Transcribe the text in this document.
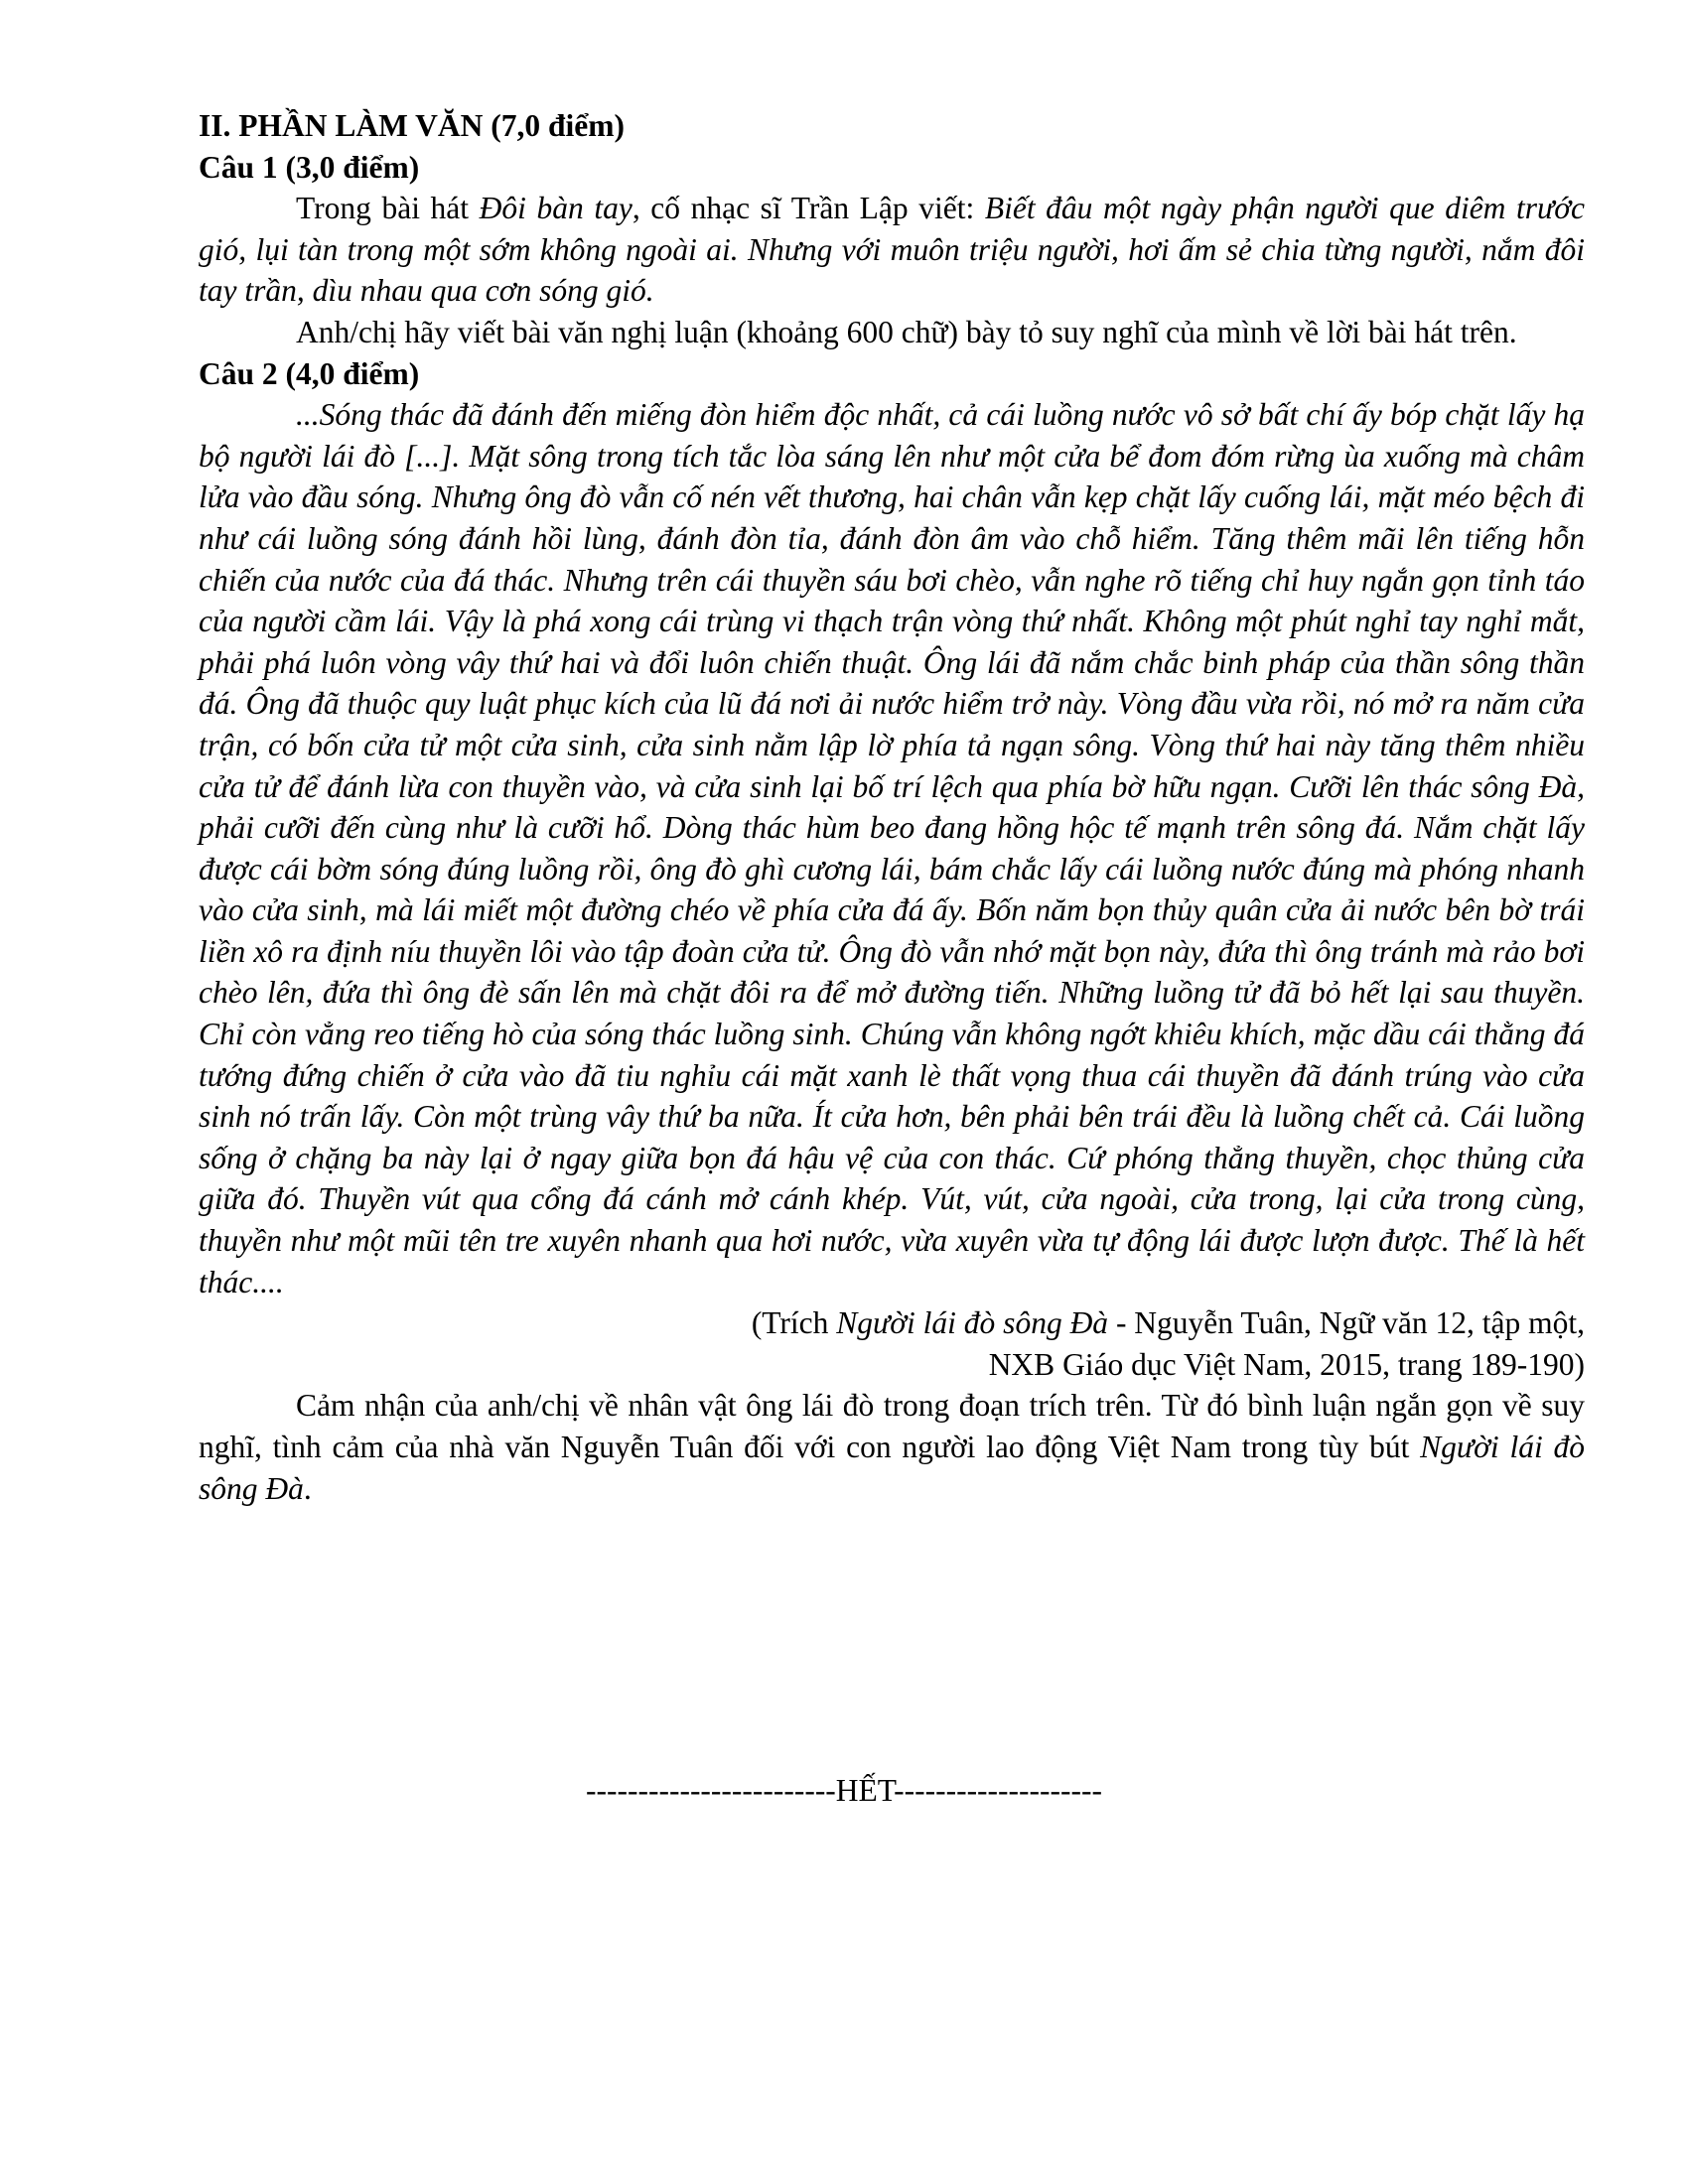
II. PHẦN LÀM VĂN (7,0 điểm)

Câu 1 (3,0 điểm)

Trong bài hát Đôi bàn tay, cố nhạc sĩ Trần Lập viết: Biết đâu một ngày phận người que diêm trước gió, lụi tàn trong một sớm không ngoài ai. Nhưng với muôn triệu người, hơi ấm sẻ chia từng người, nắm đôi tay trần, dìu nhau qua cơn sóng gió.

Anh/chị hãy viết bài văn nghị luận (khoảng 600 chữ) bày tỏ suy nghĩ của mình về lời bài hát trên.

Câu 2 (4,0 điểm)

...Sóng thác đã đánh đến miếng đòn hiểm độc nhất, cả cái luồng nước vô sở bất chí ấy bóp chặt lấy hạ bộ người lái đò [...]. Mặt sông trong tích tắc lòa sáng lên như một cửa bể đom đóm rừng ùa xuống mà châm lửa vào đầu sóng. Nhưng ông đò vẫn cố nén vết thương, hai chân vẫn kẹp chặt lấy cuống lái, mặt méo bệch đi như cái luồng sóng đánh hồi lùng, đánh đòn tỉa, đánh đòn âm vào chỗ hiểm. Tăng thêm mãi lên tiếng hỗn chiến của nước của đá thác. Nhưng trên cái thuyền sáu bơi chèo, vẫn nghe rõ tiếng chỉ huy ngắn gọn tỉnh táo của người cầm lái. Vậy là phá xong cái trùng vi thạch trận vòng thứ nhất. Không một phút nghỉ tay nghỉ mắt, phải phá luôn vòng vây thứ hai và đổi luôn chiến thuật. Ông lái đã nắm chắc binh pháp của thần sông thần đá. Ông đã thuộc quy luật phục kích của lũ đá nơi ải nước hiểm trở này. Vòng đầu vừa rồi, nó mở ra năm cửa trận, có bốn cửa tử một cửa sinh, cửa sinh nằm lập lờ phía tả ngạn sông. Vòng thứ hai này tăng thêm nhiều cửa tử để đánh lừa con thuyền vào, và cửa sinh lại bố trí lệch qua phía bờ hữu ngạn. Cưỡi lên thác sông Đà, phải cưỡi đến cùng như là cưỡi hổ. Dòng thác hùm beo đang hồng hộc tế mạnh trên sông đá. Nắm chặt lấy được cái bờm sóng đúng luồng rồi, ông đò ghì cương lái, bám chắc lấy cái luồng nước đúng mà phóng nhanh vào cửa sinh, mà lái miết một đường chéo về phía cửa đá ấy. Bốn năm bọn thủy quân cửa ải nước bên bờ trái liền xô ra định níu thuyền lôi vào tập đoàn cửa tử. Ông đò vẫn nhớ mặt bọn này, đứa thì ông tránh mà rảo bơi chèo lên, đứa thì ông đè sấn lên mà chặt đôi ra để mở đường tiến. Những luồng tử đã bỏ hết lại sau thuyền. Chỉ còn vẳng reo tiếng hò của sóng thác luồng sinh. Chúng vẫn không ngớt khiêu khích, mặc dầu cái thằng đá tướng đứng chiến ở cửa vào đã tiu nghỉu cái mặt xanh lè thất vọng thua cái thuyền đã đánh trúng vào cửa sinh nó trấn lấy. Còn một trùng vây thứ ba nữa. Ít cửa hơn, bên phải bên trái đều là luồng chết cả. Cái luồng sống ở chặng ba này lại ở ngay giữa bọn đá hậu vệ của con thác. Cứ phóng thẳng thuyền, chọc thủng cửa giữa đó. Thuyền vút qua cổng đá cánh mở cánh khép. Vút, vút, cửa ngoài, cửa trong, lại cửa trong cùng, thuyền như một mũi tên tre xuyên nhanh qua hơi nước, vừa xuyên vừa tự động lái được lượn được. Thế là hết thác....

(Trích Người lái đò sông Đà - Nguyễn Tuân, Ngữ văn 12, tập một,

NXB Giáo dục Việt Nam, 2015, trang 189-190)

Cảm nhận của anh/chị về nhân vật ông lái đò trong đoạn trích trên. Từ đó bình luận ngắn gọn về suy nghĩ, tình cảm của nhà văn Nguyễn Tuân đối với con người lao động Việt Nam trong tùy bút Người lái đò sông Đà.

------------------------HẾT--------------------
